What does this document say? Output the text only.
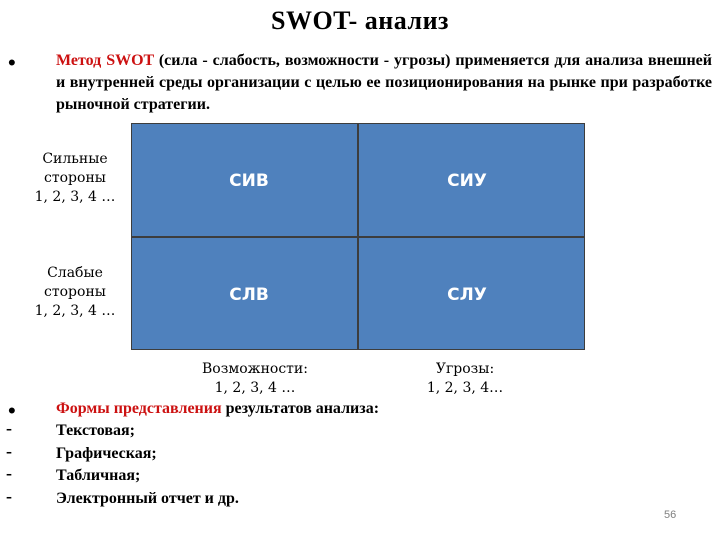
SWOT- анализ
•	Метод SWOT (сила - слабость, возможности - угрозы) применяется для анализа внешней и внутренней среды организации с целью ее позиционирования на рынке при разработке рыночной стратегии.
Сильные
стороны
1, 2, 3, 4 …
Слабые
стороны
1, 2, 3, 4 …
СИВ	СИУ
СЛВ	СЛУ
Возможности:
1, 2, 3, 4 …
Угрозы:
1, 2, 3, 4…
•	Формы представления результатов анализа:
-	Текстовая;
-	Графическая;
-	Табличная;
-	Электронный отчет и др.
56
